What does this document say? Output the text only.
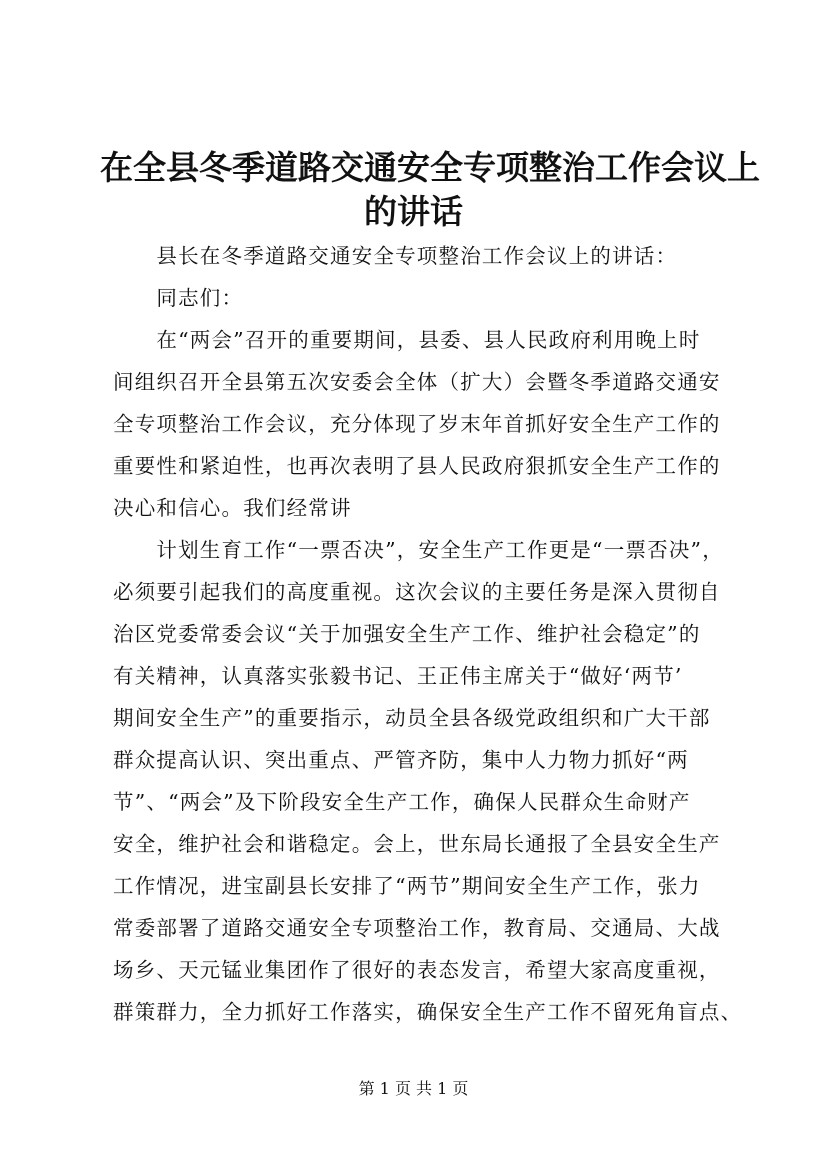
在全县冬季道路交通安全专项整治工作会议上
的讲话
　　县长在冬季道路交通安全专项整治工作会议上的讲话：
　　同志们：
　　在“两会”召开的重要期间，县委、县人民政府利用晚上时
间组织召开全县第五次安委会全体（扩大）会暨冬季道路交通安
全专项整治工作会议，充分体现了岁末年首抓好安全生产工作的
重要性和紧迫性，也再次表明了县人民政府狠抓安全生产工作的
决心和信心。我们经常讲
　　计划生育工作“一票否决”，安全生产工作更是“一票否决”，
必须要引起我们的高度重视。这次会议的主要任务是深入贯彻自
治区党委常委会议“关于加强安全生产工作、维护社会稳定”的
有关精神，认真落实张毅书记、王正伟主席关于“做好‘两节’
期间安全生产”的重要指示，动员全县各级党政组织和广大干部
群众提高认识、突出重点、严管齐防，集中人力物力抓好“两
节”、“两会”及下阶段安全生产工作，确保人民群众生命财产
安全，维护社会和谐稳定。会上，世东局长通报了全县安全生产
工作情况，进宝副县长安排了“两节”期间安全生产工作，张力
常委部署了道路交通安全专项整治工作，教育局、交通局、大战
场乡、天元锰业集团作了很好的表态发言，希望大家高度重视，
群策群力，全力抓好工作落实，确保安全生产工作不留死角盲点、
第 1 页 共 1 页
